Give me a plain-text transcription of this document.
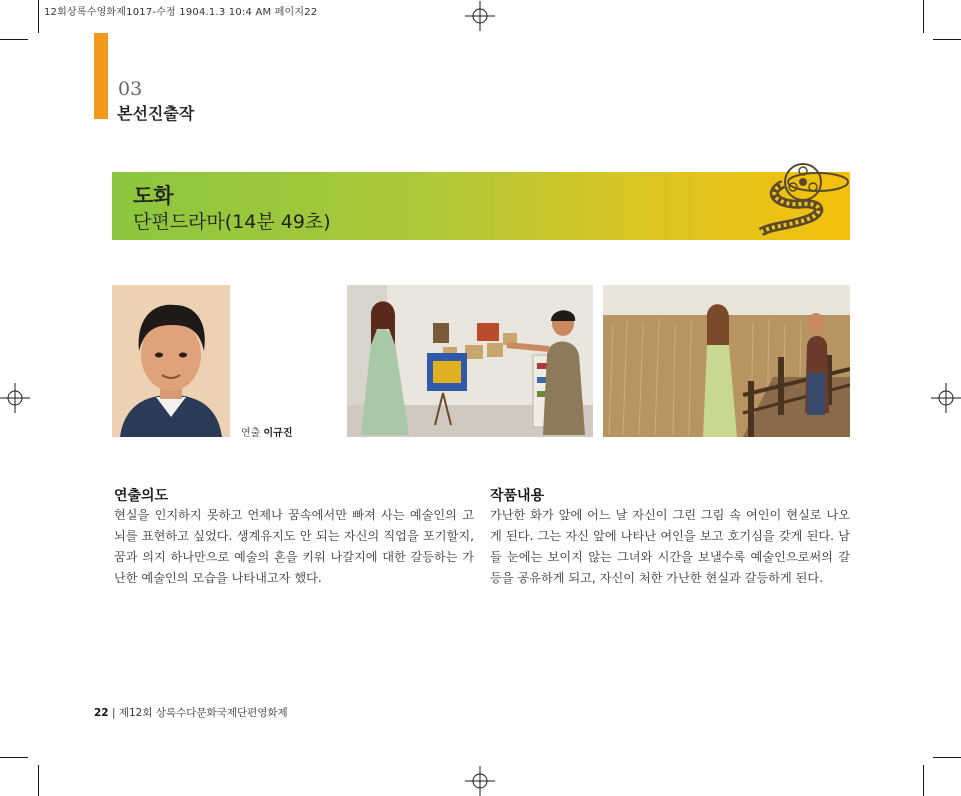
12회상록수영화제1017-수정 1904.1.3 10:4 AM 페이지22
03
본선진출작
도화
단편드라마(14분 49초)
연출 이규진
연출의도
현실을 인지하지 못하고 언제나 꿈속에서만 빠져 사는 예술인의 고뇌를 표현하고 싶었다. 생계유지도 안 되는 자신의 직업을 포기할지, 꿈과 의지 하나만으로 예술의 혼을 키워 나갈지에 대한 갈등하는 가난한 예술인의 모습을 나타내고자 했다.
작품내용
가난한 화가 앞에 어느 날 자신이 그린 그림 속 여인이 현실로 나오게 된다. 그는 자신 앞에 나타난 여인을 보고 호기심을 갖게 된다. 남들 눈에는 보이지 않는 그녀와 시간을 보낼수록 예술인으로써의 갈등을 공유하게 되고, 자신이 처한 가난한 현실과 갈등하게 된다.
22 | 제12회 상록수다문화국제단편영화제
